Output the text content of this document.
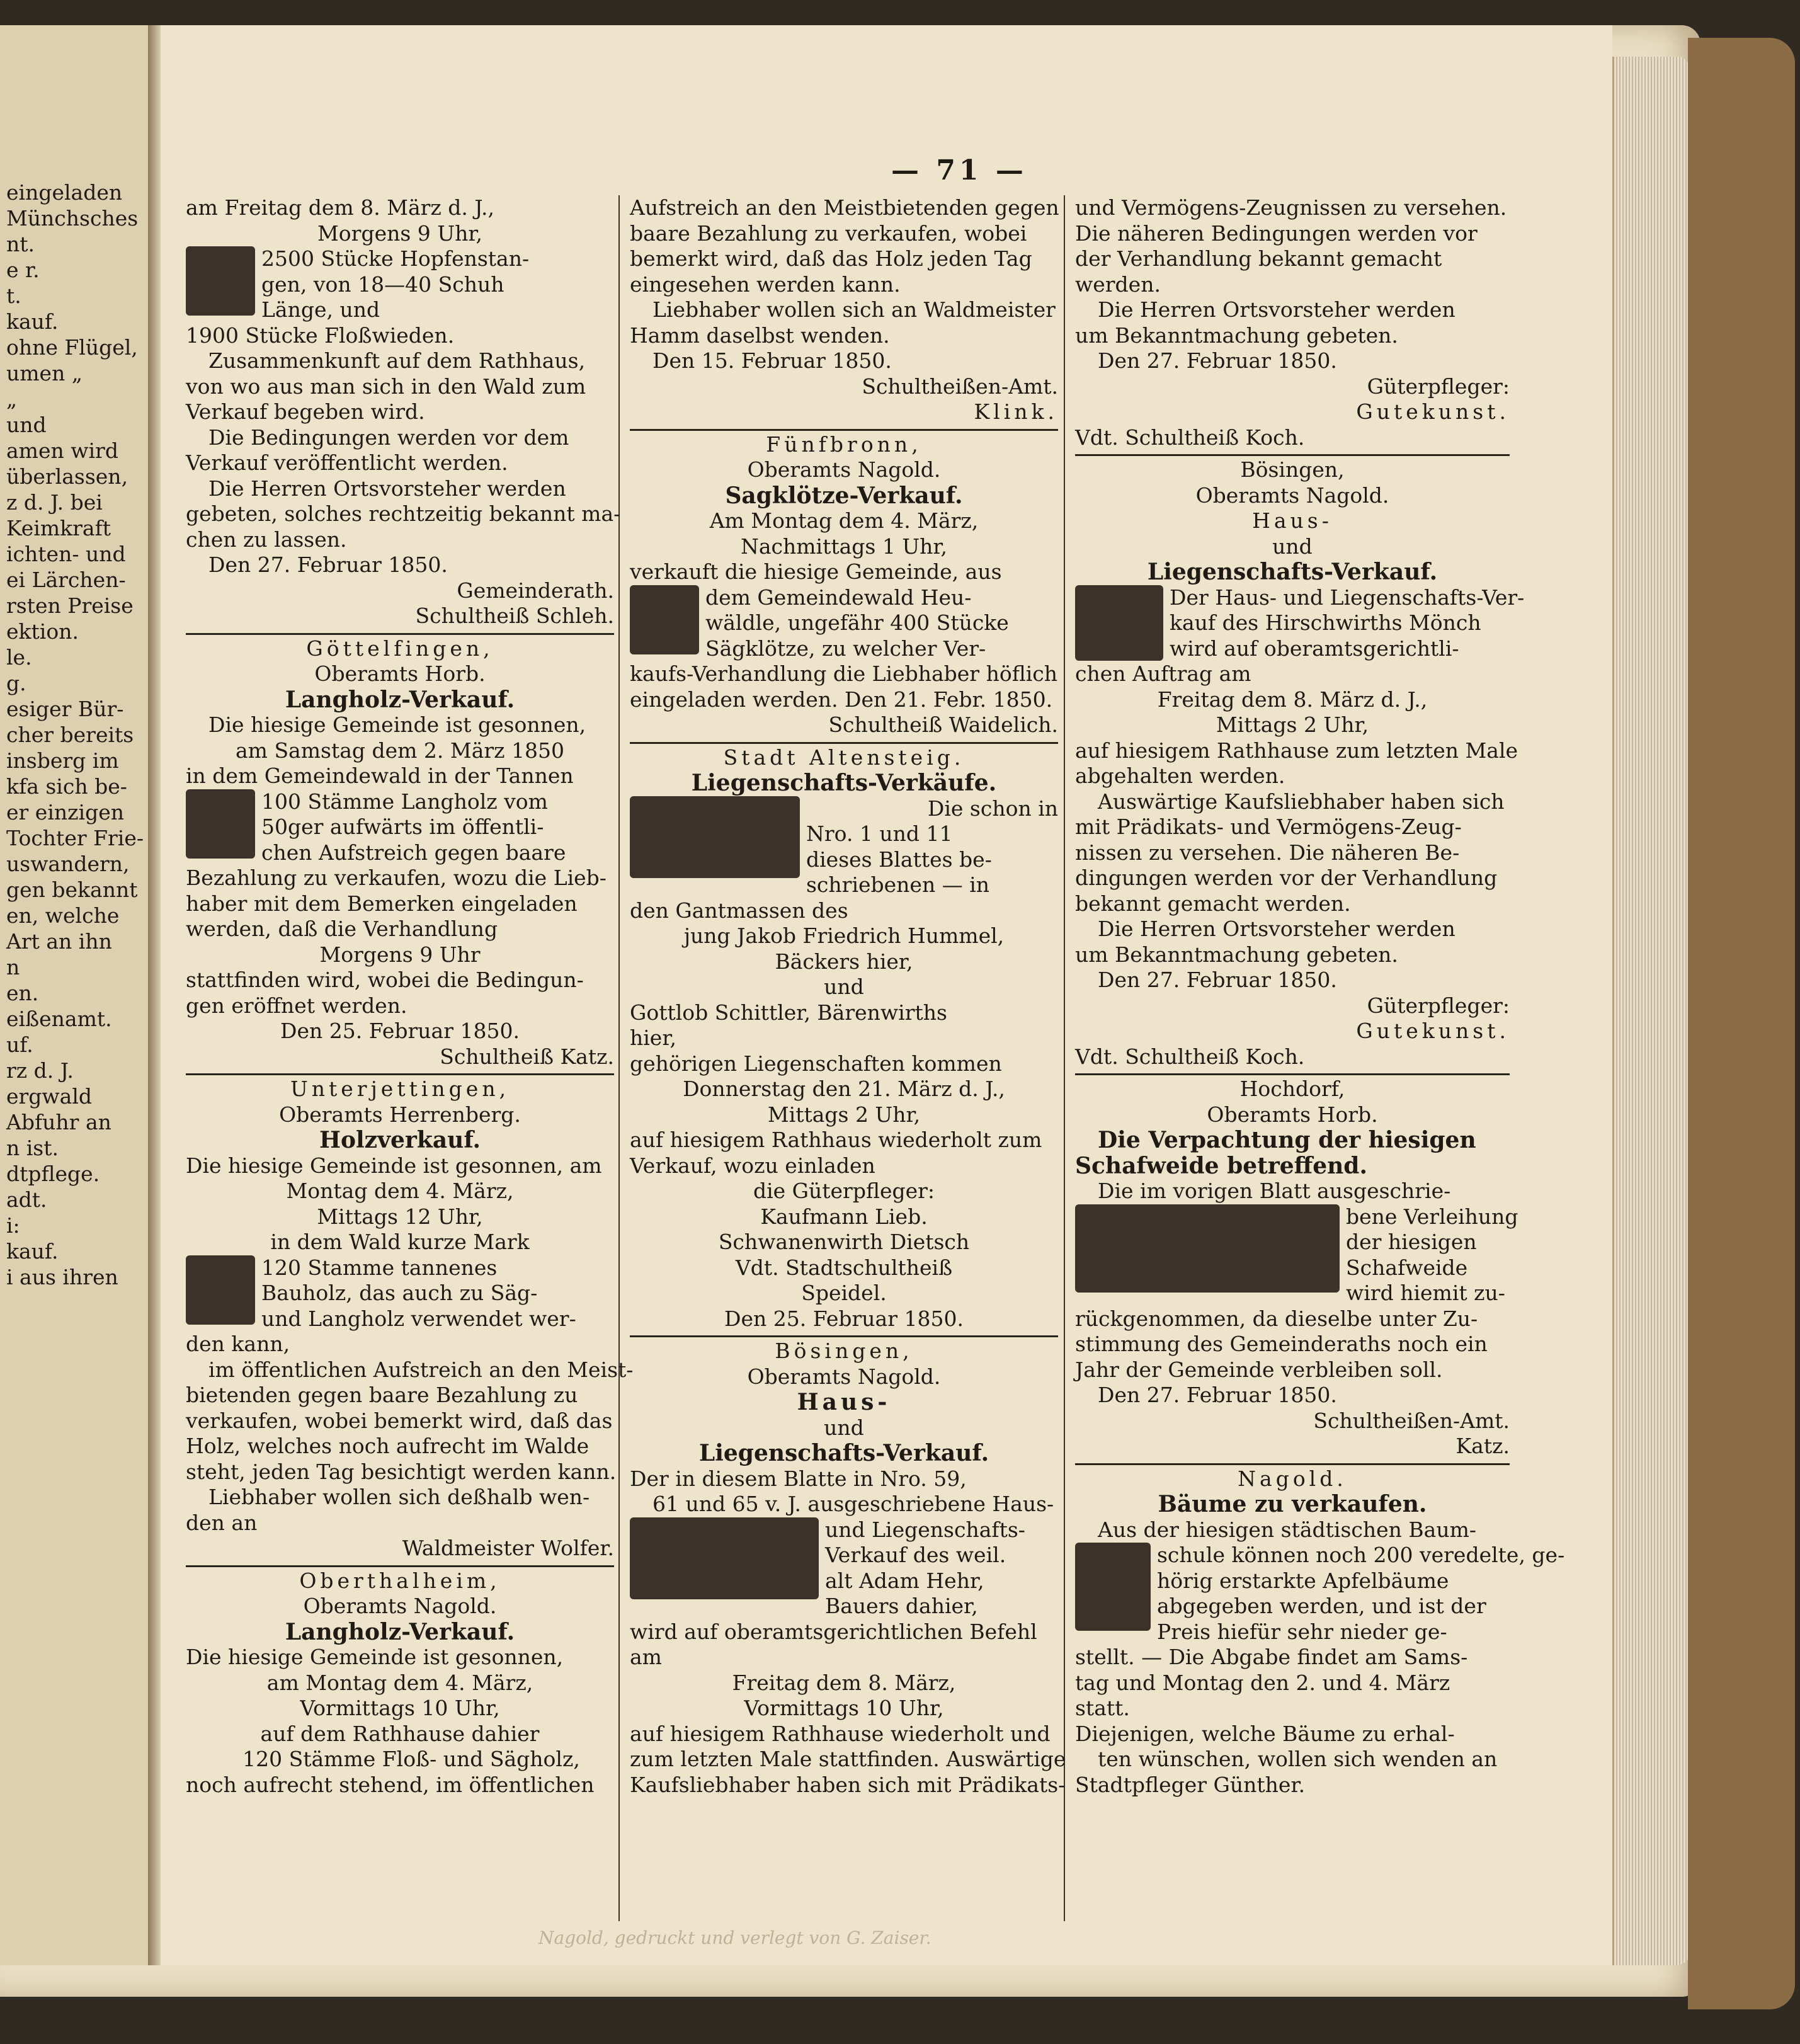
eingeladen
Münchsches
nt.
e r.
t.
kauf.
ohne Flügel,
umen „
„
und
amen wird
überlassen,
z d. J. bei
Keimkraft
ichten- und
ei Lärchen-
rsten Preise
ektion.
le.
g.
esiger Bür-
cher bereits
insberg im
kfa sich be-
er einzigen
Tochter Frie-
uswandern,
gen bekannt
en, welche
Art an ihn
n
en.
eißenamt.
uf.
rz d. J.
ergwald
Abfuhr an
n ist.
dtpflege.
adt.
i:
kauf.
i aus ihren
— 71 —

am Freitag dem 8. März d. J.,

Morgens 9 Uhr,

2500 Stücke Hopfenstan-

gen, von 18—40 Schuh

Länge, und

1900 Stücke Floßwieden.

Zusammenkunft auf dem Rathhaus,

von wo aus man sich in den Wald zum

Verkauf begeben wird.

Die Bedingungen werden vor dem

Verkauf veröffentlicht werden.

Die Herren Ortsvorsteher werden

gebeten, solches rechtzeitig bekannt ma-

chen zu lassen.

Den 27. Februar 1850.

Gemeinderath.

Schultheiß Schleh.

Göttelfingen,

Oberamts Horb.

Langholz-Verkauf.

Die hiesige Gemeinde ist gesonnen,

am Samstag dem 2. März 1850

in dem Gemeindewald in der Tannen

100 Stämme Langholz vom

50ger aufwärts im öffentli-

chen Aufstreich gegen baare

Bezahlung zu verkaufen, wozu die Lieb-

haber mit dem Bemerken eingeladen

werden, daß die Verhandlung

Morgens 9 Uhr

stattfinden wird, wobei die Bedingun-

gen eröffnet werden.

Den 25. Februar 1850.

Schultheiß Katz.

Unterjettingen,

Oberamts Herrenberg.

Holzverkauf.

Die hiesige Gemeinde ist gesonnen, am

Montag dem 4. März,

Mittags 12 Uhr,

in dem Wald kurze Mark

120 Stamme tannenes

Bauholz, das auch zu Säg-

und Langholz verwendet wer-

den kann,

im öffentlichen Aufstreich an den Meist-

bietenden gegen baare Bezahlung zu

verkaufen, wobei bemerkt wird, daß das

Holz, welches noch aufrecht im Walde

steht, jeden Tag besichtigt werden kann.

Liebhaber wollen sich deßhalb wen-

den an

Waldmeister Wolfer.

Oberthalheim,

Oberamts Nagold.

Langholz-Verkauf.

Die hiesige Gemeinde ist gesonnen,

am Montag dem 4. März,

Vormittags 10 Uhr,

auf dem Rathhause dahier

120 Stämme Floß- und Sägholz,

noch aufrecht stehend, im öffentlichen

Aufstreich an den Meistbietenden gegen

baare Bezahlung zu verkaufen, wobei

bemerkt wird, daß das Holz jeden Tag

eingesehen werden kann.

Liebhaber wollen sich an Waldmeister

Hamm daselbst wenden.

Den 15. Februar 1850.

Schultheißen-Amt.

Klink.

Fünfbronn,

Oberamts Nagold.

Sagklötze-Verkauf.

Am Montag dem 4. März,

Nachmittags 1 Uhr,

verkauft die hiesige Gemeinde, aus

dem Gemeindewald Heu-

wäldle, ungefähr 400 Stücke

Sägklötze, zu welcher Ver-

kaufs-Verhandlung die Liebhaber höflich

eingeladen werden. Den 21. Febr. 1850.

Schultheiß Waidelich.

Stadt Altensteig.

Liegenschafts-Verkäufe.

Die schon in

Nro. 1 und 11

dieses Blattes be-

schriebenen — in

den Gantmassen des

jung Jakob Friedrich Hummel,

Bäckers hier,

und

Gottlob Schittler, Bärenwirths

hier,

gehörigen Liegenschaften kommen

Donnerstag den 21. März d. J.,

Mittags 2 Uhr,

auf hiesigem Rathhaus wiederholt zum

Verkauf, wozu einladen

die Güterpfleger:

Kaufmann Lieb.

Schwanenwirth Dietsch

Vdt. Stadtschultheiß

Speidel.

Den 25. Februar 1850.

Bösingen,

Oberamts Nagold.

Haus-

und

Liegenschafts-Verkauf.

Der in diesem Blatte in Nro. 59,

61 und 65 v. J. ausgeschriebene Haus-

und Liegenschafts-

Verkauf des weil.

alt Adam Hehr,

Bauers dahier,

wird auf oberamtsgerichtlichen Befehl

am

Freitag dem 8. März,

Vormittags 10 Uhr,

auf hiesigem Rathhause wiederholt und

zum letzten Male stattfinden. Auswärtige

Kaufsliebhaber haben sich mit Prädikats-

und Vermögens-Zeugnissen zu versehen.

Die näheren Bedingungen werden vor

der Verhandlung bekannt gemacht

werden.

Die Herren Ortsvorsteher werden

um Bekanntmachung gebeten.

Den 27. Februar 1850.

Güterpfleger:

Gutekunst.

Vdt. Schultheiß Koch.

Bösingen,

Oberamts Nagold.

Haus-

und

Liegenschafts-Verkauf.

Der Haus- und Liegenschafts-Ver-

kauf des Hirschwirths Mönch

wird auf oberamtsgerichtli-

chen Auftrag am

Freitag dem 8. März d. J.,

Mittags 2 Uhr,

auf hiesigem Rathhause zum letzten Male

abgehalten werden.

Auswärtige Kaufsliebhaber haben sich

mit Prädikats- und Vermögens-Zeug-

nissen zu versehen. Die näheren Be-

dingungen werden vor der Verhandlung

bekannt gemacht werden.

Die Herren Ortsvorsteher werden

um Bekanntmachung gebeten.

Den 27. Februar 1850.

Güterpfleger:

Gutekunst.

Vdt. Schultheiß Koch.

Hochdorf,

Oberamts Horb.

Die Verpachtung der hiesigen

Schafweide betreffend.

Die im vorigen Blatt ausgeschrie-

bene Verleihung

der hiesigen

Schafweide

wird hiemit zu-

rückgenommen, da dieselbe unter Zu-

stimmung des Gemeinderaths noch ein

Jahr der Gemeinde verbleiben soll.

Den 27. Februar 1850.

Schultheißen-Amt.

Katz.

Nagold.

Bäume zu verkaufen.

Aus der hiesigen städtischen Baum-

schule können noch 200 veredelte, ge-

hörig erstarkte Apfelbäume

abgegeben werden, und ist der

Preis hiefür sehr nieder ge-

stellt. — Die Abgabe findet am Sams-

tag und Montag den 2. und 4. März

statt.

Diejenigen, welche Bäume zu erhal-

ten wünschen, wollen sich wenden an

Stadtpfleger Günther.

Nagold, gedruckt und verlegt von G. Zaiser.
